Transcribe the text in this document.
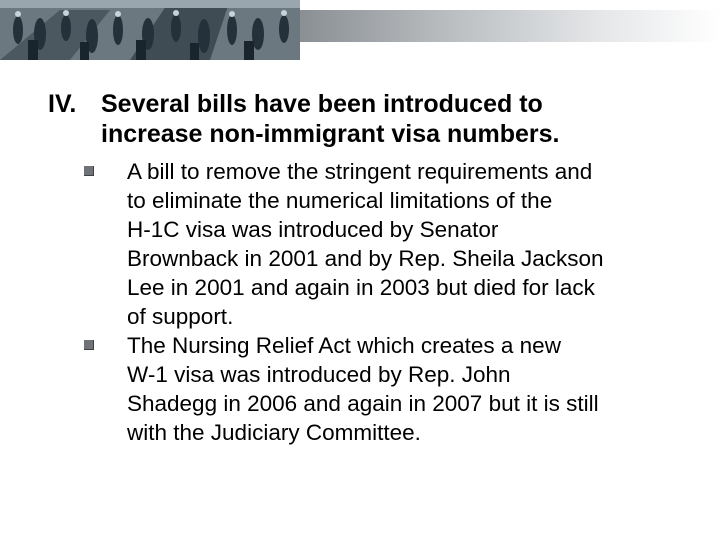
IV. Several bills have been introduced to
increase non-immigrant visa numbers.
A bill to remove the stringent requirements and
to eliminate the numerical limitations of the
H-1C visa was introduced by Senator
Brownback in 2001 and by Rep. Sheila Jackson
Lee in 2001 and again in 2003 but died for lack
of support.
The Nursing Relief Act which creates a new
W-1 visa was introduced by Rep. John
Shadegg in 2006 and again in 2007 but it is still
with the Judiciary Committee.
